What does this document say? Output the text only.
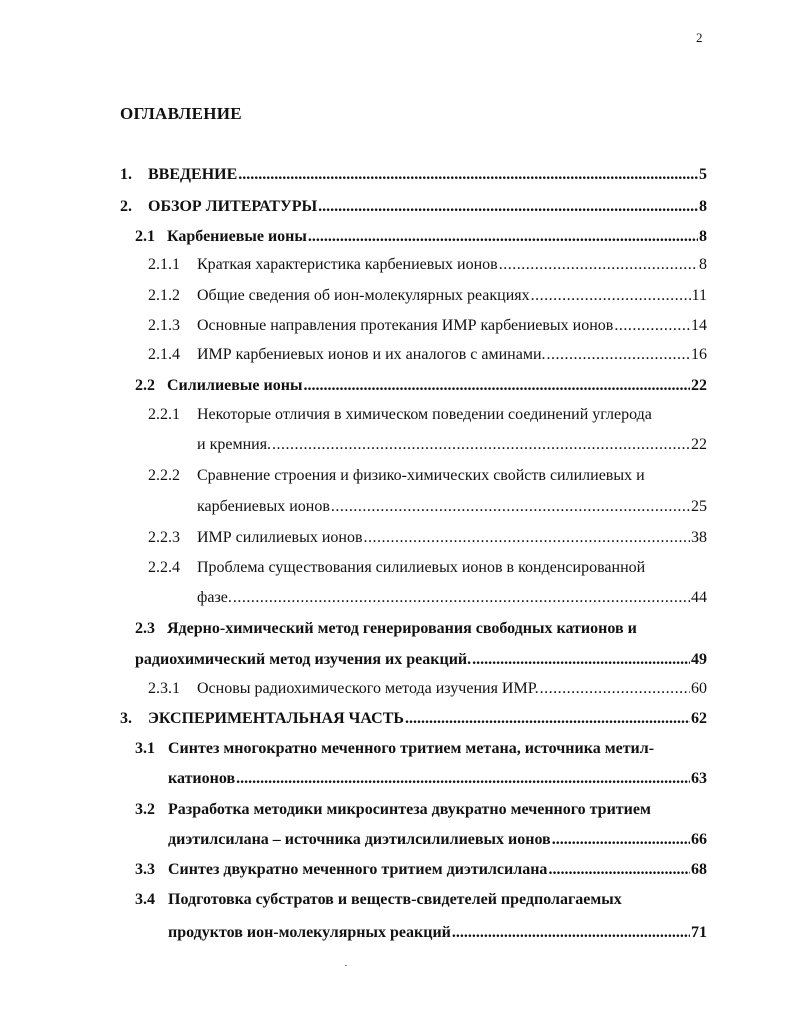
2
ОГЛАВЛЕНИЕ
1.	ВВЕДЕНИЕ .....	5
2.	ОБЗОР ЛИТЕРАТУРЫ .....	8
2.1 Карбениевые ионы .....	8
2.1.1	Краткая характеристика карбениевых ионов .....	8
2.1.2	Общие сведения об ион-молекулярных реакциях .....	11
2.1.3	Основные направления протекания ИМР карбениевых ионов .....	14
2.1.4	ИМР карбениевых ионов и их аналогов с аминами. .....	16
2.2 Силилиевые ионы .....	22
2.2.1	Некоторые отличия в химическом поведении соединений углерода
и кремния. .....	22
2.2.2	Сравнение строения и физико-химических свойств силилиевых и
карбениевых ионов .....	25
2.2.3	ИМР силилиевых ионов .....	38
2.2.4	Проблема существования силилиевых ионов в конденсированной
фазе. .....	44
2.3 Ядерно-химический метод генерирования свободных катионов и
радиохимический метод изучения их реакций. .....	49
2.3.1	Основы радиохимического метода изучения ИМР. .....	60
3.	ЭКСПЕРИМЕНТАЛЬНАЯ ЧАСТЬ .....	62
3.1 Синтез многократно меченного тритием метана, источника метил-
катионов .....	63
3.2 Разработка методики микросинтеза двукратно меченного тритием
диэтилсилана – источника диэтилсилилиевых ионов .....	66
3.3 Синтез двукратно меченного тритием диэтилсилана .....	68
3.4 Подготовка субстратов и веществ-свидетелей предполагаемых
продуктов ион-молекулярных реакций .....	71
